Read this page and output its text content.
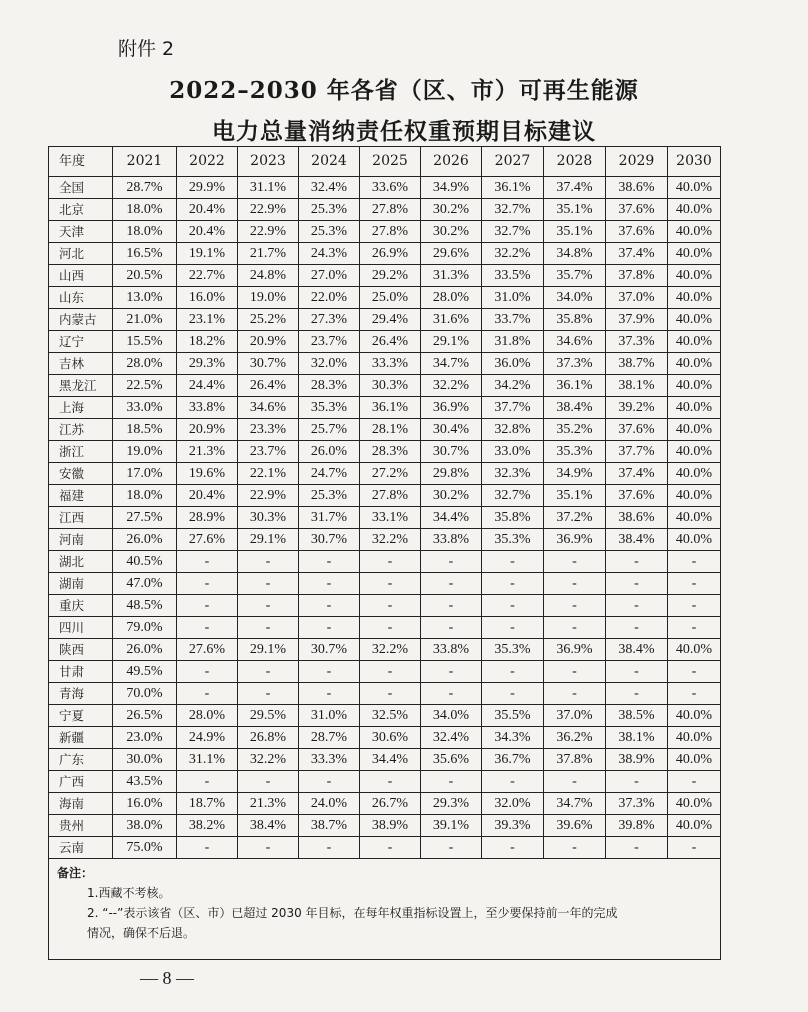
附件 2
2022–2030 年各省（区、市）可再生能源
电力总量消纳责任权重预期目标建议
年度	2021	2022	2023	2024	2025	2026	2027	2028	2029	2030
全国	28.7%	29.9%	31.1%	32.4%	33.6%	34.9%	36.1%	37.4%	38.6%	40.0%
北京	18.0%	20.4%	22.9%	25.3%	27.8%	30.2%	32.7%	35.1%	37.6%	40.0%
天津	18.0%	20.4%	22.9%	25.3%	27.8%	30.2%	32.7%	35.1%	37.6%	40.0%
河北	16.5%	19.1%	21.7%	24.3%	26.9%	29.6%	32.2%	34.8%	37.4%	40.0%
山西	20.5%	22.7%	24.8%	27.0%	29.2%	31.3%	33.5%	35.7%	37.8%	40.0%
山东	13.0%	16.0%	19.0%	22.0%	25.0%	28.0%	31.0%	34.0%	37.0%	40.0%
内蒙古	21.0%	23.1%	25.2%	27.3%	29.4%	31.6%	33.7%	35.8%	37.9%	40.0%
辽宁	15.5%	18.2%	20.9%	23.7%	26.4%	29.1%	31.8%	34.6%	37.3%	40.0%
吉林	28.0%	29.3%	30.7%	32.0%	33.3%	34.7%	36.0%	37.3%	38.7%	40.0%
黑龙江	22.5%	24.4%	26.4%	28.3%	30.3%	32.2%	34.2%	36.1%	38.1%	40.0%
上海	33.0%	33.8%	34.6%	35.3%	36.1%	36.9%	37.7%	38.4%	39.2%	40.0%
江苏	18.5%	20.9%	23.3%	25.7%	28.1%	30.4%	32.8%	35.2%	37.6%	40.0%
浙江	19.0%	21.3%	23.7%	26.0%	28.3%	30.7%	33.0%	35.3%	37.7%	40.0%
安徽	17.0%	19.6%	22.1%	24.7%	27.2%	29.8%	32.3%	34.9%	37.4%	40.0%
福建	18.0%	20.4%	22.9%	25.3%	27.8%	30.2%	32.7%	35.1%	37.6%	40.0%
江西	27.5%	28.9%	30.3%	31.7%	33.1%	34.4%	35.8%	37.2%	38.6%	40.0%
河南	26.0%	27.6%	29.1%	30.7%	32.2%	33.8%	35.3%	36.9%	38.4%	40.0%
湖北	40.5%	-	-	-	-	-	-	-	-	-
湖南	47.0%	-	-	-	-	-	-	-	-	-
重庆	48.5%	-	-	-	-	-	-	-	-	-
四川	79.0%	-	-	-	-	-	-	-	-	-
陕西	26.0%	27.6%	29.1%	30.7%	32.2%	33.8%	35.3%	36.9%	38.4%	40.0%
甘肃	49.5%	-	-	-	-	-	-	-	-	-
青海	70.0%	-	-	-	-	-	-	-	-	-
宁夏	26.5%	28.0%	29.5%	31.0%	32.5%	34.0%	35.5%	37.0%	38.5%	40.0%
新疆	23.0%	24.9%	26.8%	28.7%	30.6%	32.4%	34.3%	36.2%	38.1%	40.0%
广东	30.0%	31.1%	32.2%	33.3%	34.4%	35.6%	36.7%	37.8%	38.9%	40.0%
广西	43.5%	-	-	-	-	-	-	-	-	-
海南	16.0%	18.7%	21.3%	24.0%	26.7%	29.3%	32.0%	34.7%	37.3%	40.0%
贵州	38.0%	38.2%	38.4%	38.7%	38.9%	39.1%	39.3%	39.6%	39.8%	40.0%
云南	75.0%	-	-	-	-	-	-	-	-	-

备注：
1.西藏不考核。
2. “--”表示该省（区、市）已超过 2030 年目标，在每年权重指标设置上，至少要保持前一年的完成
情况，确保不后退。										
— 8 —
